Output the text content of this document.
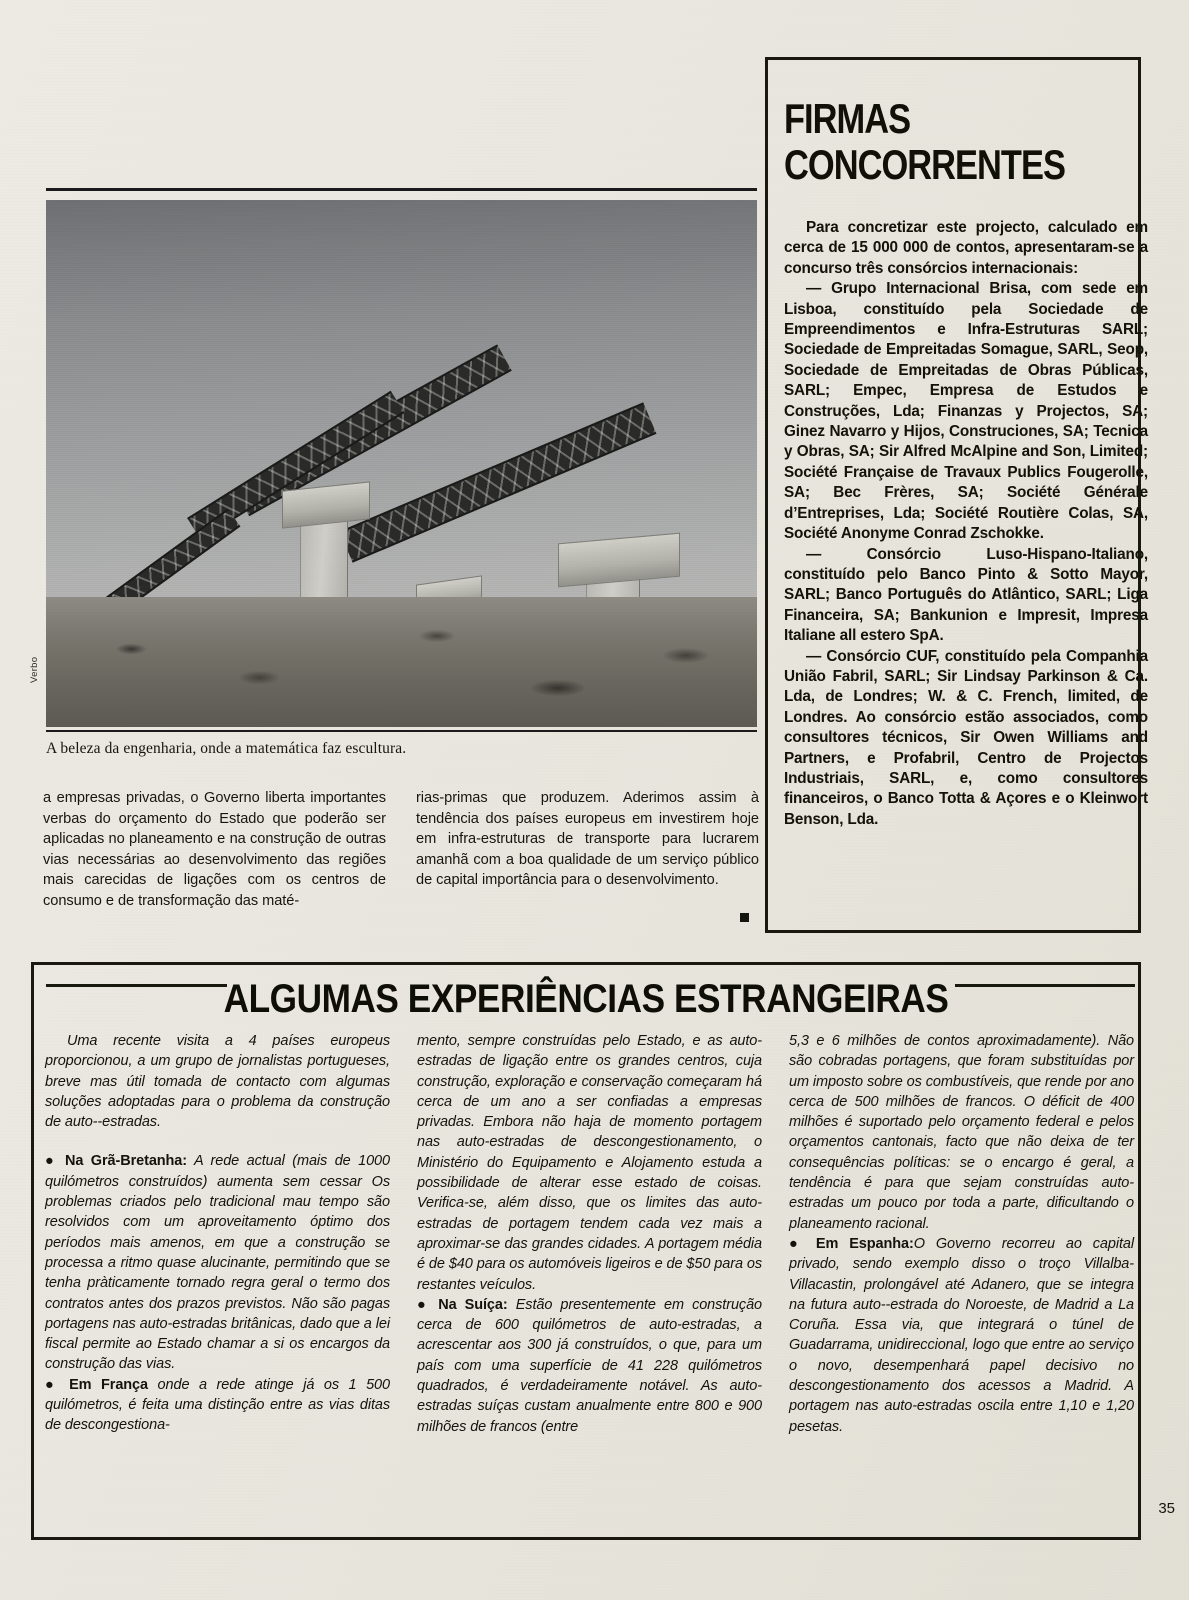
Verbo
A beleza da engenharia, onde a matemática faz escultura.
a empresas privadas, o Governo liberta importantes verbas do orçamento do Estado que poderão ser aplicadas no planeamento e na construção de outras vias necessárias ao desenvolvimento das regiões mais carecidas de ligações com os centros de consumo e de transformação das maté-
rias-primas que produzem. Aderimos assim à tendência dos países europeus em investirem hoje em infra-estruturas de transporte para lucrarem amanhã com a boa qualidade de um serviço público de capital importância para o desenvolvimento.
FIRMAS
CONCORRENTES

Para concretizar este projecto, calculado em cerca de 15 000 000 de contos, apresentaram-se a concurso três consórcios internacionais:

— Grupo Internacional Brisa, com sede em Lisboa, constituído pela Sociedade de Empreendimentos e Infra-Estruturas SARL; Sociedade de Empreitadas Somague, SARL, Seop, Sociedade de Empreitadas de Obras Públicas, SARL; Empec, Empresa de Estudos e Construções, Lda; Finanzas y Projectos, SA; Ginez Navarro y Hijos, Construciones, SA; Tecnica y Obras, SA; Sir Alfred McAlpine and Son, Limited; Société Française de Travaux Publics Fougerolle, SA; Bec Frères, SA; Société Générale d’Entreprises, Lda; Société Routière Colas, SA, Société Anonyme Conrad Zschokke.

— Consórcio Luso-Hispano-Italiano, constituído pelo Banco Pinto & Sotto Mayor, SARL; Banco Português do Atlântico, SARL; Liga Financeira, SA; Bankunion e Impresit, Impresa Italiane all estero SpA.

— Consórcio CUF, constituído pela Companhia União Fabril, SARL; Sir Lindsay Parkinson & Ca. Lda, de Londres; W. & C. French, limited, de Londres. Ao consórcio estão associados, como consultores técnicos, Sir Owen Williams and Partners, e Profabril, Centro de Projectos Industriais, SARL, e, como consultores financeiros, o Banco Totta & Açores e o Kleinwort Benson, Lda.

ALGUMAS EXPERIÊNCIAS ESTRANGEIRAS

Uma recente visita a 4 países europeus proporcionou, a um grupo de jornalistas portugueses, breve mas útil tomada de contacto com algumas soluções adoptadas para o problema da construção de auto--estradas.

● Na Grã-Bretanha: A rede actual (mais de 1000 quilómetros construídos) aumenta sem cessar Os problemas criados pelo tradicional mau tempo são resolvidos com um aproveitamento óptimo dos períodos mais amenos, em que a construção se processa a ritmo quase alucinante, permitindo que se tenha pràticamente tornado regra geral o termo dos contratos antes dos prazos previstos. Não são pagas portagens nas auto-estradas britânicas, dado que a lei fiscal permite ao Estado chamar a si os encargos da construção das vias.

● Em França onde a rede atinge já os 1 500 quilómetros, é feita uma distinção entre as vias ditas de descongestiona-

mento, sempre construídas pelo Estado, e as auto-estradas de ligação entre os grandes centros, cuja construção, exploração e conservação começaram há cerca de um ano a ser confiadas a empresas privadas. Embora não haja de momento portagem nas auto-estradas de descongestionamento, o Ministério do Equipamento e Alojamento estuda a possibilidade de alterar esse estado de coisas. Verifica-se, além disso, que os limites das auto-estradas de portagem tendem cada vez mais a aproximar-se das grandes cidades. A portagem média é de $40 para os automóveis ligeiros e de $50 para os restantes veículos.

● Na Suíça: Estão presentemente em construção cerca de 600 quilómetros de auto-estradas, a acrescentar aos 300 já construídos, o que, para um país com uma superfície de 41 228 quilómetros quadrados, é verdadeiramente notável. As auto-estradas suíças custam anualmente entre 800 e 900 milhões de francos (entre

5,3 e 6 milhões de contos aproximadamente). Não são cobradas portagens, que foram substituídas por um imposto sobre os combustíveis, que rende por ano cerca de 500 milhões de francos. O déficit de 400 milhões é suportado pelo orçamento federal e pelos orçamentos cantonais, facto que não deixa de ter consequências políticas: se o encargo é geral, a tendência é para que sejam construídas auto-estradas um pouco por toda a parte, dificultando o planeamento racional.

● Em Espanha:O Governo recorreu ao capital privado, sendo exemplo disso o troço Villalba-Villacastin, prolongável até Adanero, que se integra na futura auto--estrada do Noroeste, de Madrid a La Coruña. Essa via, que integrará o túnel de Guadarrama, unidireccional, logo que entre ao serviço o novo, desempenhará papel decisivo no descongestionamento dos acessos a Madrid. A portagem nas auto-estradas oscila entre 1,10 e 1,20 pesetas.

35
